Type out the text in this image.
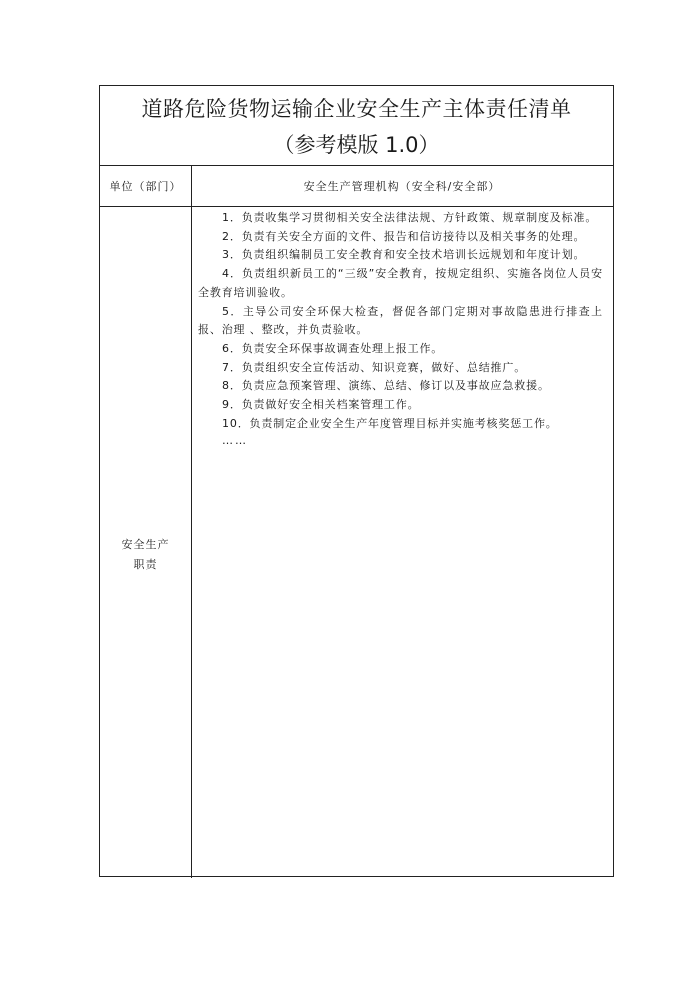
道路危险货物运输企业安全生产主体责任清单
（参考模版 1.0）
单位（部门）	安全生产管理机构（安全科/安全部）
安全生产
职责

1．负责收集学习贯彻相关安全法律法规、方针政策、规章制度及标准。

2．负责有关安全方面的文件、报告和信访接待以及相关事务的处理。

3．负责组织编制员工安全教育和安全技术培训长远规划和年度计划。

4．负责组织新员工的“三级”安全教育，按规定组织、实施各岗位人员安全教育培训验收。

5．主导公司安全环保大检查，督促各部门定期对事故隐患进行排查上报、治理 、整改，并负责验收。

6．负责安全环保事故调查处理上报工作。

7．负责组织安全宣传活动、知识竞赛，做好、总结推广。

8．负责应急预案管理、演练、总结、修订以及事故应急救援。

9．负责做好安全相关档案管理工作。

10．负责制定企业安全生产年度管理目标并实施考核奖惩工作。

……
